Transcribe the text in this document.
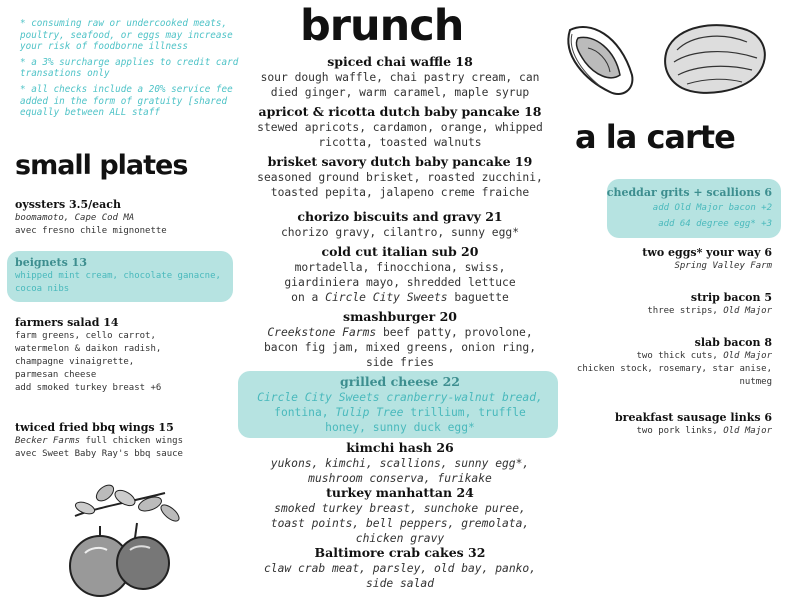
* consuming raw or undercooked meats, poultry, seafood, or eggs may increase your risk of foodborne illness

* a 3% surcharge applies to credit card transations only

* all checks include a 20% service fee added in the form of gratuity [shared equally between ALL staff

brunch
small plates
a la carte
oyssters 3.5/each
boomamoto, Cape Cod MA
avec fresno chile mignonette
beignets 13
whipped mint cream, chocolate ganacne, cocoa nibs
farmers salad 14
farm greens, cello carrot,
watermelon & daikon radish,
champagne vinaigrette,
parmesan cheese
add smoked turkey breast +6
twiced fried bbq wings 15
Becker Farms full chicken wings
avec Sweet Baby Ray's bbq sauce
spiced chai waffle 18
sour dough waffle, chai pastry cream, can
died ginger, warm caramel, maple syrup
apricot & ricotta dutch baby pancake 18
stewed apricots, cardamon, orange, whipped
ricotta, toasted walnuts
brisket savory dutch baby pancake 19
seasoned ground brisket, roasted zucchini,
toasted pepita, jalapeno creme fraiche
chorizo biscuits and gravy 21
chorizo gravy, cilantro, sunny egg*
cold cut italian sub 20
mortadella, finocchiona, swiss,
giardiniera mayo, shredded lettuce
on a Circle City Sweets baguette
smashburger 20
Creekstone Farms beef patty, provolone,
bacon fig jam, mixed greens, onion ring,
side fries
grilled cheese 22
Circle City Sweets cranberry-walnut bread,
fontina, Tulip Tree trillium, truffle
honey, sunny duck egg*
kimchi hash 26
yukons, kimchi, scallions, sunny egg*,
mushroom conserva, furikake
turkey manhattan 24
smoked turkey breast, sunchoke puree,
toast points, bell peppers, gremolata,
chicken gravy
Baltimore crab cakes 32
claw crab meat, parsley, old bay, panko,
side salad
cheddar grits + scallions 6
add Old Major bacon +2
add 64 degree egg* +3
two eggs* your way 6
Spring Valley Farm
strip bacon 5
three strips, Old Major
slab bacon 8
two thick cuts, Old Major
chicken stock, rosemary, star anise,
nutmeg
breakfast sausage links 6
two pork links, Old Major
